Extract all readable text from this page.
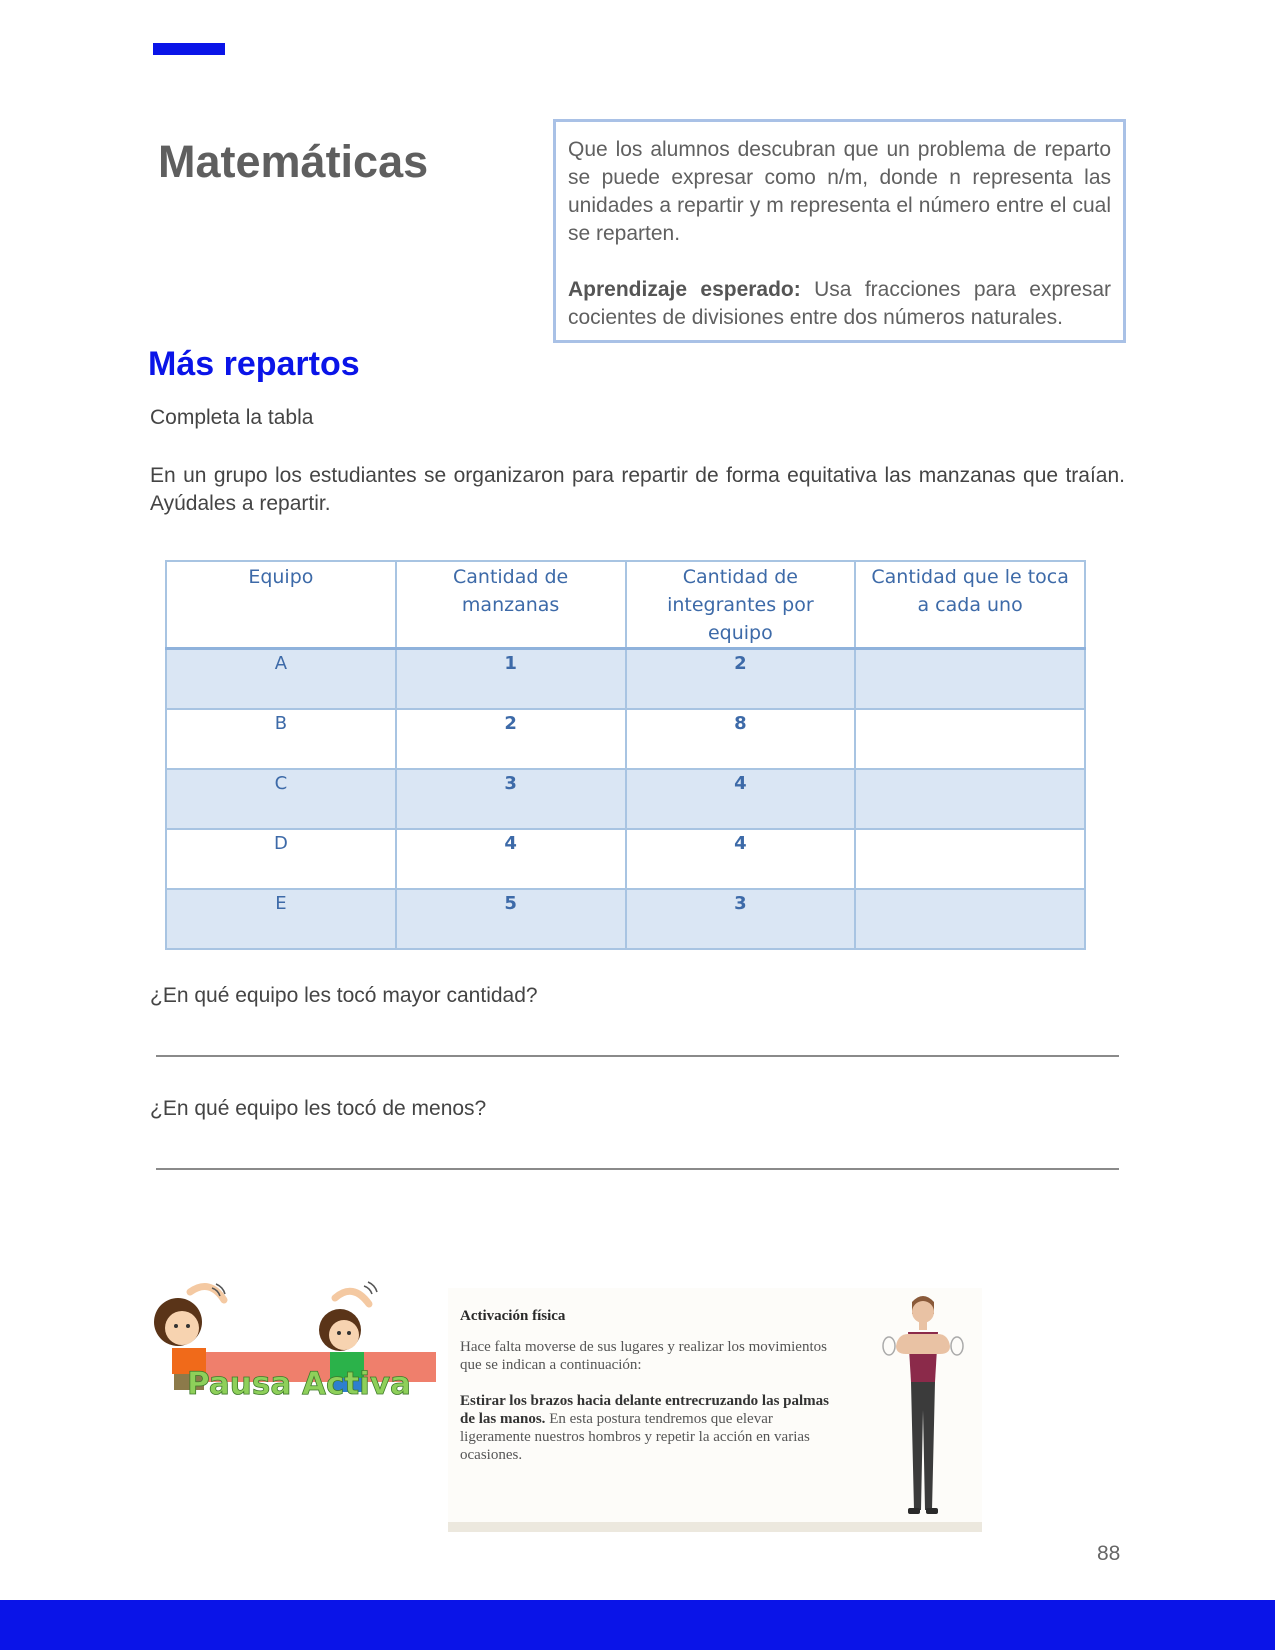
Matemáticas	Que los alumnos descubran que un problema de reparto se puede expresar como n/m, donde n representa las unidades a repartir y m representa el número entre el cual se reparten.

Aprendizaje esperado: Usa fracciones para expresar cocientes de divisiones entre dos números naturales.

Más repartos
Completa la tabla
En un grupo los estudiantes se organizaron para repartir de forma equitativa las manzanas que traían. Ayúdales a repartir.
Equipo	Cantidad de manzanas	Cantidad de integrantes por equipo	Cantidad que le toca a cada uno
A	1	2	
B	2	8	
C	3	4	
D	4	4	
E	5	3	
¿En qué equipo les tocó mayor cantidad?
¿En qué equipo les tocó de menos?
Pausa Activa
Activación física
Hace falta moverse de sus lugares y realizar los movimientos que se indican a continuación:
Estirar los brazos hacia delante entrecruzando las palmas de las manos. En esta postura tendremos que elevar ligeramente nuestros hombros y repetir la acción en varias ocasiones.
88
